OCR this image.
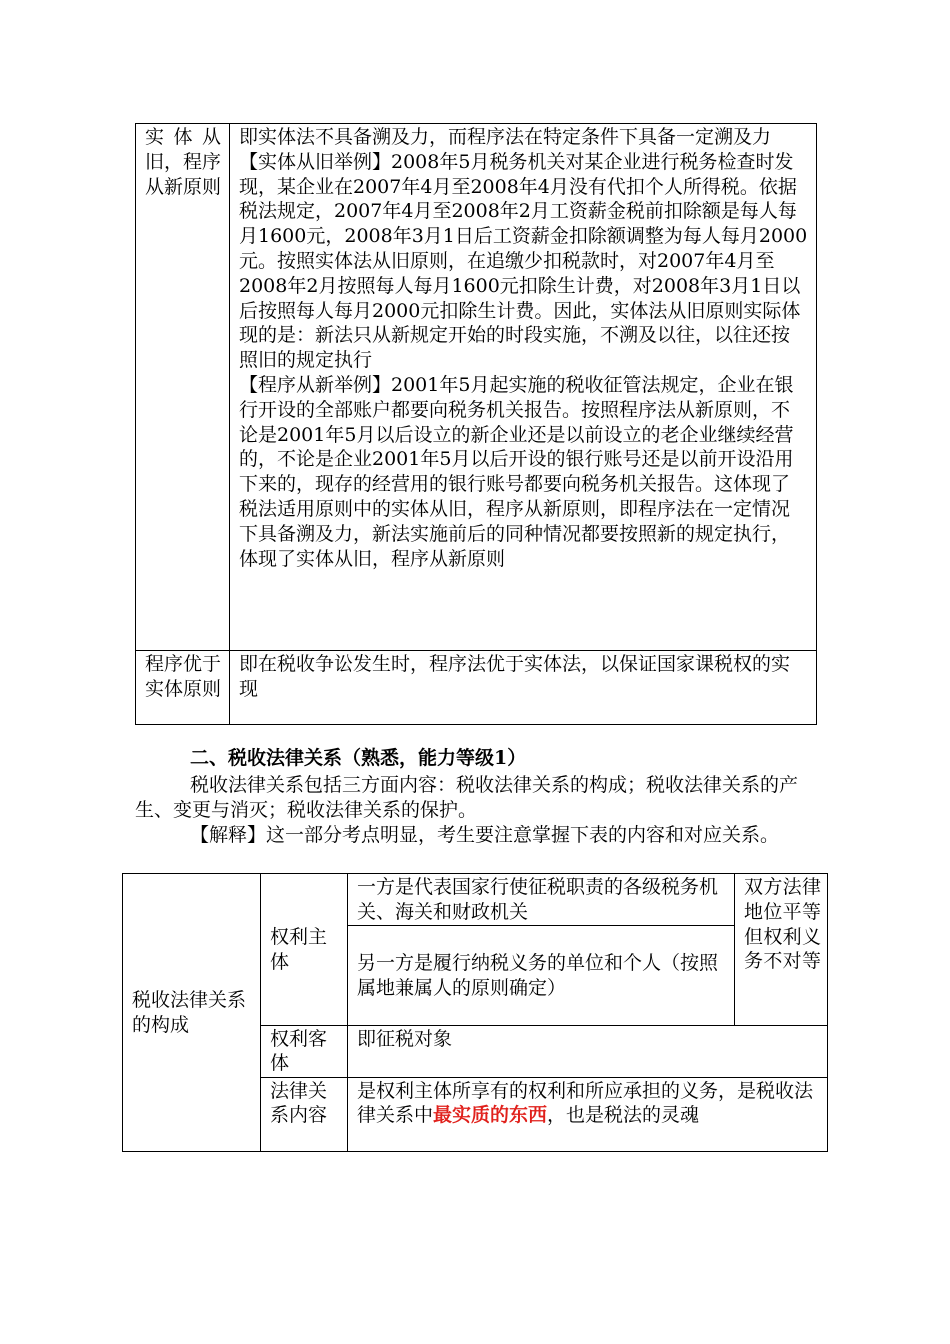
实体从旧，程序从新原则	即实体法不具备溯及力，而程序法在特定条件下具备一定溯及力
【实体从旧举例】2008年5月税务机关对某企业进行税务检查时发现，某企业在2007年4月至2008年4月没有代扣个人所得税。依据税法规定，2007年4月至2008年2月工资薪金税前扣除额是每人每月1600元，2008年3月1日后工资薪金扣除额调整为每人每月2000元。按照实体法从旧原则，在追缴少扣税款时，对2007年4月至2008年2月按照每人每月1600元扣除生计费，对2008年3月1日以后按照每人每月2000元扣除生计费。因此，实体法从旧原则实际体现的是：新法只从新规定开始的时段实施，不溯及以往，以往还按照旧的规定执行
【程序从新举例】2001年5月起实施的税收征管法规定，企业在银行开设的全部账户都要向税务机关报告。按照程序法从新原则，不论是2001年5月以后设立的新企业还是以前设立的老企业继续经营的，不论是企业2001年5月以后开设的银行账号还是以前开设沿用下来的，现存的经营用的银行账号都要向税务机关报告。这体现了税法适用原则中的实体从旧，程序从新原则，即程序法在一定情况下具备溯及力，新法实施前后的同种情况都要按照新的规定执行，体现了实体从旧，程序从新原则

程序优于实体原则	即在税收争讼发生时，程序法优于实体法，以保证国家课税权的实现
二、税收法律关系（熟悉，能力等级1）
税收法律关系包括三方面内容：税收法律关系的构成；税收法律关系的产生、变更与消灭；税收法律关系的保护。
【解释】这一部分考点明显，考生要注意掌握下表的内容和对应关系。
税收法律关系的构成	权利主体	一方是代表国家行使征税职责的各级税务机关、海关和财政机关	双方法律地位平等但权利义务不对等
		另一方是履行纳税义务的单位和个人（按照属地兼属人的原则确定）	
	权利客体	即征税对象	
	法律关系内容	是权利主体所享有的权利和所应承担的义务，是税收法律关系中最实质的东西，也是税法的灵魂	
